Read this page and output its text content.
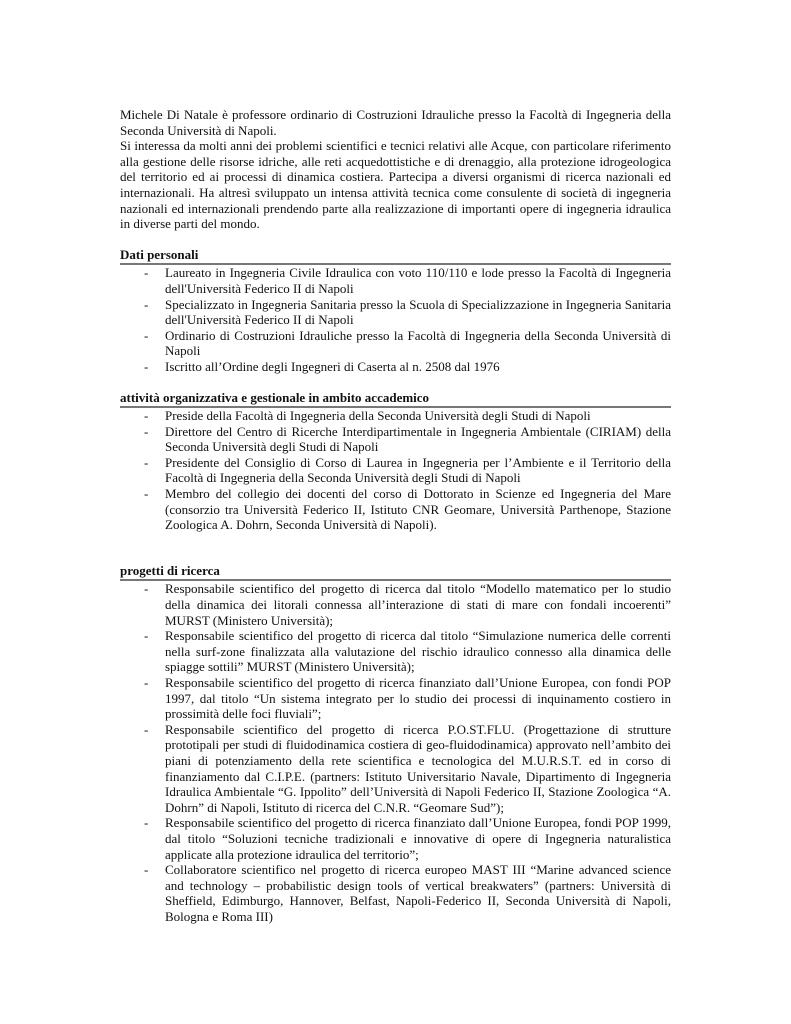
Michele Di Natale è professore ordinario di Costruzioni Idrauliche presso la Facoltà di Ingegneria della Seconda Università di Napoli.

Si interessa da molti anni dei problemi scientifici e tecnici relativi alle Acque, con particolare riferimento alla gestione delle risorse idriche, alle reti acquedottistiche e di drenaggio, alla protezione idrogeologica del territorio ed ai processi di dinamica costiera. Partecipa a diversi organismi di ricerca nazionali ed internazionali. Ha altresì sviluppato un intensa attività tecnica come consulente di società di ingegneria nazionali ed internazionali prendendo parte alla realizzazione di importanti opere di ingegneria idraulica in diverse parti del mondo.

Dati personali

- Laureato in Ingegneria Civile Idraulica con voto 110/110 e lode presso la Facoltà di Ingegneria dell'Università Federico II di Napoli
- Specializzato in Ingegneria Sanitaria presso la Scuola di Specializzazione in Ingegneria Sanitaria dell'Università Federico II di Napoli
- Ordinario di Costruzioni Idrauliche presso la Facoltà di Ingegneria della Seconda Università di Napoli
- Iscritto all’Ordine degli Ingegneri di Caserta al n. 2508 dal 1976

attività organizzativa e gestionale in ambito accademico

- Preside della Facoltà di Ingegneria della Seconda Università degli Studi di Napoli
- Direttore del Centro di Ricerche Interdipartimentale in Ingegneria Ambientale (CIRIAM) della Seconda Università degli Studi di Napoli
- Presidente del Consiglio di Corso di Laurea in Ingegneria per l’Ambiente e il Territorio della Facoltà di Ingegneria della Seconda Università degli Studi di Napoli
- Membro del collegio dei docenti del corso di Dottorato in Scienze ed Ingegneria del Mare (consorzio tra Università Federico II, Istituto CNR Geomare, Università Parthenope, Stazione Zoologica A. Dohrn, Seconda Università di Napoli).

progetti di ricerca

- Responsabile scientifico del progetto di ricerca dal titolo “Modello matematico per lo studio della dinamica dei litorali connessa all’interazione di stati di mare con fondali incoerenti” MURST (Ministero Università);
- Responsabile scientifico del progetto di ricerca dal titolo “Simulazione numerica delle correnti nella surf-zone finalizzata alla valutazione del rischio idraulico connesso alla dinamica delle spiagge sottili” MURST (Ministero Università);
- Responsabile scientifico del progetto di ricerca finanziato dall’Unione Europea, con fondi POP 1997, dal titolo “Un sistema integrato per lo studio dei processi di inquinamento costiero in prossimità delle foci fluviali”;
- Responsabile scientifico del progetto di ricerca P.O.ST.FLU. (Progettazione di strutture prototipali per studi di fluidodinamica costiera di geo-fluidodinamica) approvato nell’ambito dei piani di potenziamento della rete scientifica e tecnologica del M.U.R.S.T. ed in corso di finanziamento dal C.I.P.E. (partners: Istituto Universitario Navale, Dipartimento di Ingegneria Idraulica Ambientale “G. Ippolito” dell’Università di Napoli Federico II, Stazione Zoologica “A. Dohrn” di Napoli, Istituto di ricerca del C.N.R. “Geomare Sud”);
- Responsabile scientifico del progetto di ricerca finanziato dall’Unione Europea, fondi POP 1999, dal titolo “Soluzioni tecniche tradizionali e innovative di opere di Ingegneria naturalistica applicate alla protezione idraulica del territorio”;
- Collaboratore scientifico nel progetto di ricerca europeo MAST III “Marine advanced science and technology – probabilistic design tools of vertical breakwaters” (partners: Università di Sheffield, Edimburgo, Hannover, Belfast, Napoli-Federico II, Seconda Università di Napoli, Bologna e Roma III)
